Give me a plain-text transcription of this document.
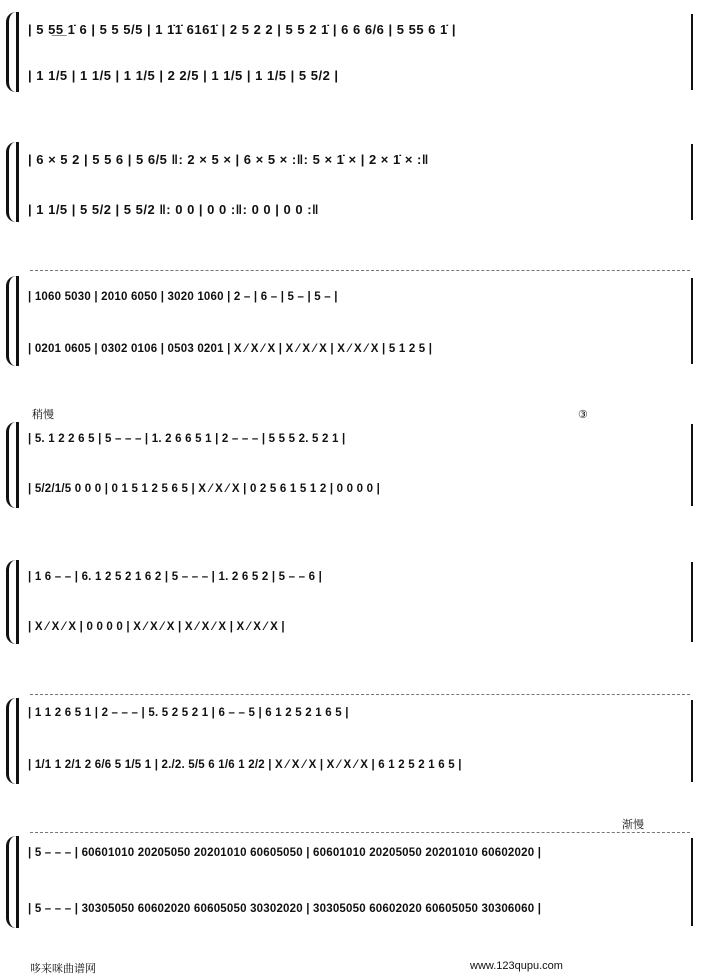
| 5 5̲5̲ 1̇ 6 | 5 5 5/5 | 1 1̇1̇ 6161̇ | 2 5 2 2 | 5 5 2 1̇ | 6 6 6/6 | 5 55 6 1̇ |
| 1 1/5 | 1 1/5 | 1 1/5 | 2 2/5 | 1 1/5 | 1 1/5 | 5 5/2 |
| 6 × 5 2 | 5 5 6 | 5 6/5 ‖: 2 × 5 × | 6 × 5 × :‖: 5 × 1̇ × | 2 × 1̇ × :‖
| 1 1/5 | 5 5/2 | 5 5/2 ‖: 0 0 | 0 0 :‖: 0 0 | 0 0 :‖
| 1060 5030 | 2010 6050 | 3020 1060 | 2 – | 6 – | 5 – | 5 – |
| 0201 0605 | 0302 0106 | 0503 0201 | X ⁄ X ⁄ X | X ⁄ X ⁄ X | X ⁄ X ⁄ X | 5 1 2 5 |
稍慢	③
| 5. 1 2 2 6 5 | 5 – – – | 1. 2 6 6 5 1 | 2 – – – | 5 5 5 2. 5 2 1 |
| 5/2/1/5 0 0 0 | 0 1 5 1 2 5 6 5 | X ⁄ X ⁄ X | 0 2 5 6 1 5 1 2 | 0 0 0 0 |
| 1 6 – – | 6. 1 2 5 2 1 6 2 | 5 – – – | 1. 2 6 5 2 | 5 – – 6 |
| X ⁄ X ⁄ X | 0 0 0 0 | X ⁄ X ⁄ X | X ⁄ X ⁄ X | X ⁄ X ⁄ X |
| 1 1 2 6 5 1 | 2 – – – | 5. 5 2 5 2 1 | 6 – – 5 | 6 1 2 5 2 1 6 5 |
| 1/1 1 2/1 2 6/6 5 1/5 1 | 2./2. 5/5 6 1/6 1 2/2 | X ⁄ X ⁄ X | X ⁄ X ⁄ X | 6 1 2 5 2 1 6 5 |
渐慢
| 5 – – – | 60601010 20205050 20201010 60605050 | 60601010 20205050 20201010 60602020 |
| 5 – – – | 30305050 60602020 60605050 30302020 | 30305050 60602020 60605050 30306060 |
哆来咪曲谱网	www.123qupu.com
